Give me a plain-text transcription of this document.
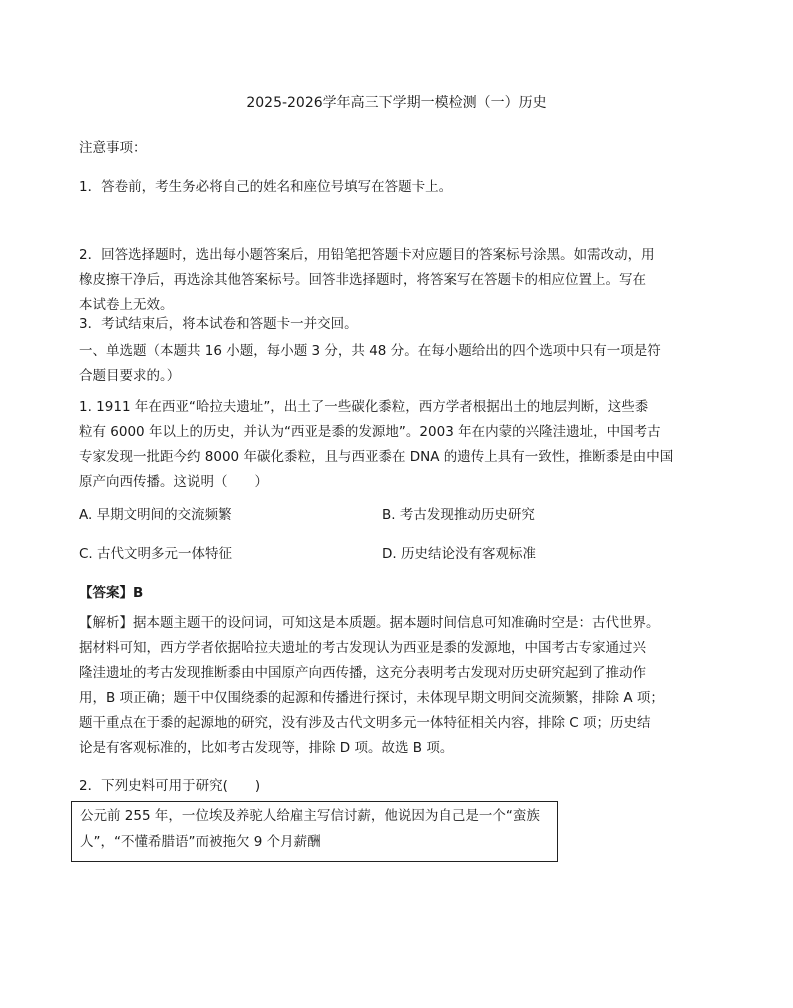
2025-2026学年高三下学期一模检测（一）历史
注意事项：
1．答卷前，考生务必将自己的姓名和座位号填写在答题卡上。
2．回答选择题时，选出每小题答案后，用铅笔把答题卡对应题目的答案标号涂黑。如需改动，用
橡皮擦干净后，再选涂其他答案标号。回答非选择题时，将答案写在答题卡的相应位置上。写在
本试卷上无效。
3．考试结束后，将本试卷和答题卡一并交回。
一、单选题（本题共 16 小题，每小题 3 分，共 48 分。在每小题给出的四个选项中只有一项是符
合题目要求的。）
1. 1911 年在西亚“哈拉夫遗址”，出土了一些碳化黍粒，西方学者根据出土的地层判断，这些黍
粒有 6000 年以上的历史，并认为“西亚是黍的发源地”。2003 年在内蒙的兴隆洼遗址，中国考古
专家发现一批距今约 8000 年碳化黍粒，且与西亚黍在 DNA 的遗传上具有一致性，推断黍是由中国
原产向西传播。这说明（　　）
A. 早期文明间的交流频繁	B. 考古发现推动历史研究
C. 古代文明多元一体特征	D. 历史结论没有客观标准
【答案】B
【解析】据本题主题干的设问词，可知这是本质题。据本题时间信息可知准确时空是：古代世界。
据材料可知，西方学者依据哈拉夫遗址的考古发现认为西亚是黍的发源地，中国考古专家通过兴
隆洼遗址的考古发现推断黍由中国原产向西传播，这充分表明考古发现对历史研究起到了推动作
用，B 项正确；题干中仅围绕黍的起源和传播进行探讨，未体现早期文明间交流频繁，排除 A 项；
题干重点在于黍的起源地的研究，没有涉及古代文明多元一体特征相关内容，排除 C 项；历史结
论是有客观标准的，比如考古发现等，排除 D 项。故选 B 项。
2．下列史料可用于研究(　　)
公元前 255 年，一位埃及养驼人给雇主写信讨薪，他说因为自己是一个“蛮族
人”，“不懂希腊语”而被拖欠 9 个月薪酬
